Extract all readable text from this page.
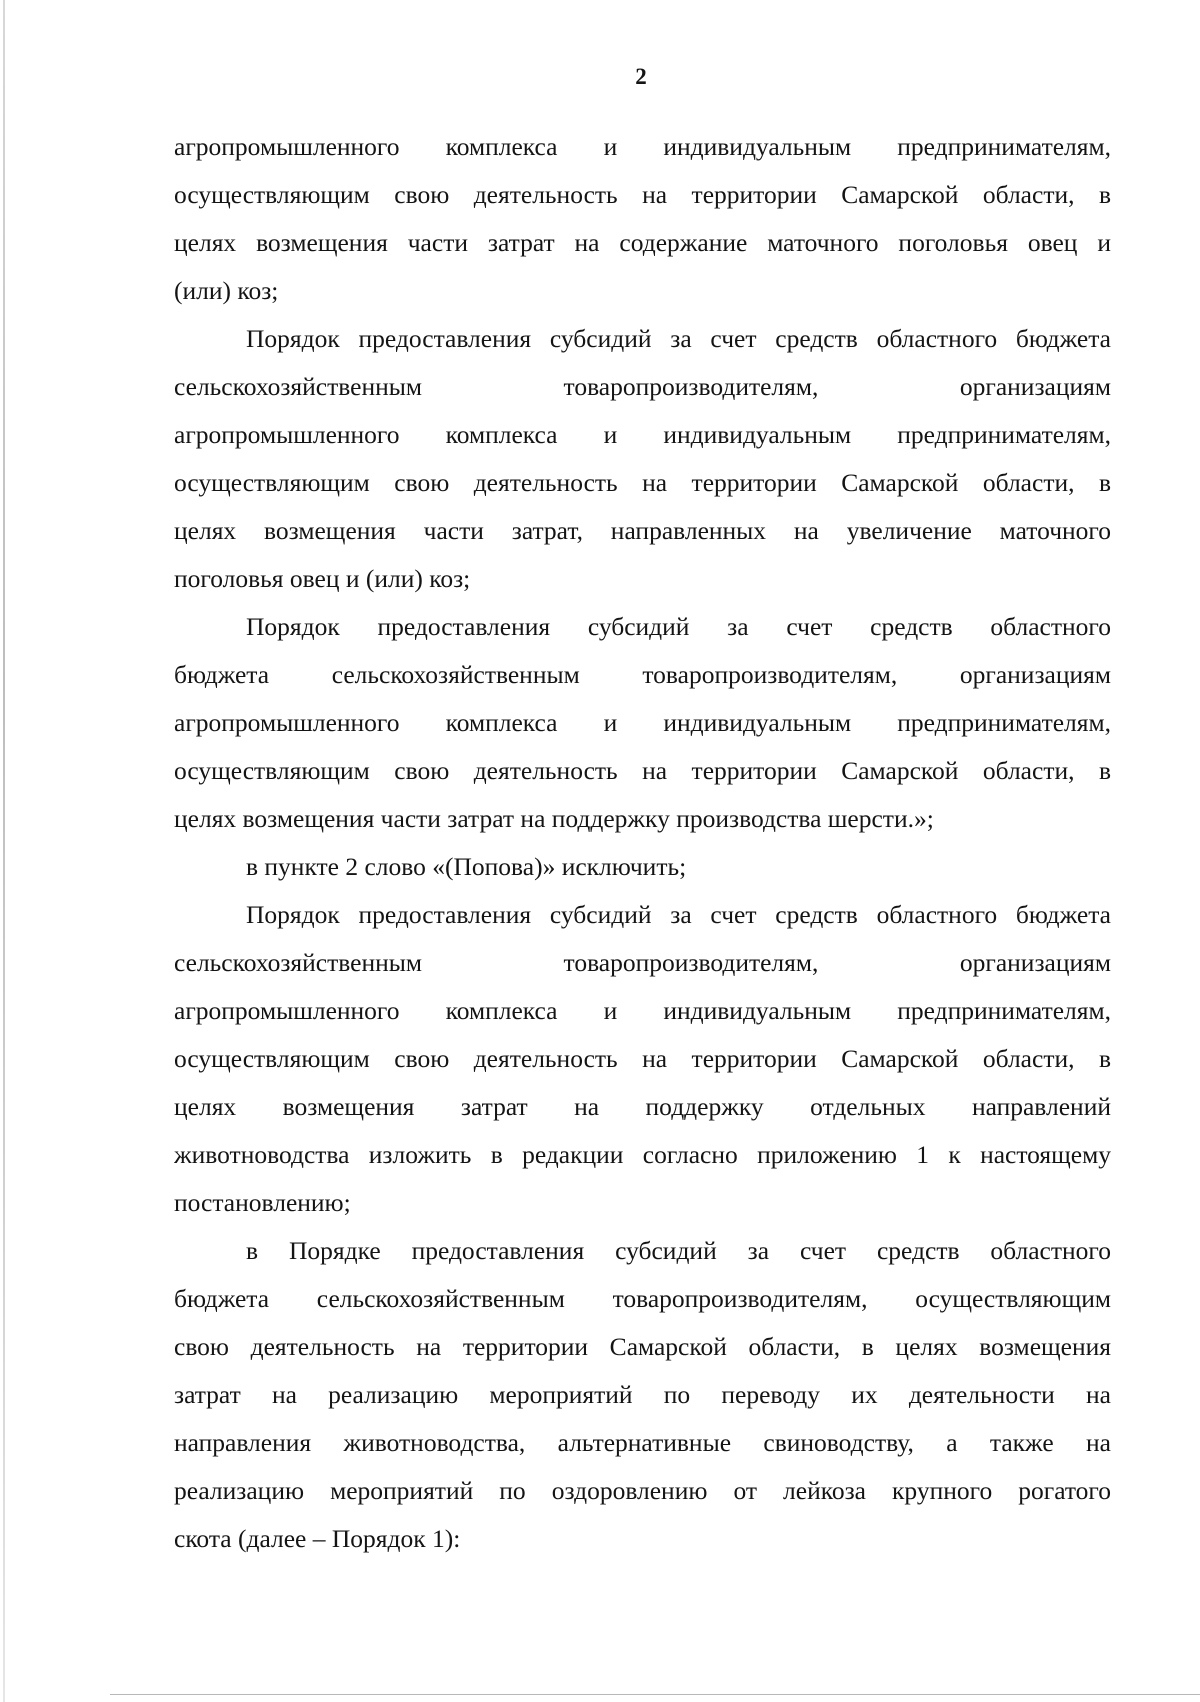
2
агропромышленного комплекса и индивидуальным предпринимателям,
осуществляющим свою деятельность на территории Самарской области, в
целях возмещения части затрат на содержание маточного поголовья овец и
(или) коз;
Порядок предоставления субсидий за счет средств областного бюджета
сельскохозяйственным товаропроизводителям, организациям
агропромышленного комплекса и индивидуальным предпринимателям,
осуществляющим свою деятельность на территории Самарской области, в
целях возмещения части затрат, направленных на увеличение маточного
поголовья овец и (или) коз;
Порядок предоставления субсидий за счет средств областного
бюджета сельскохозяйственным товаропроизводителям, организациям
агропромышленного комплекса и индивидуальным предпринимателям,
осуществляющим свою деятельность на территории Самарской области, в
целях возмещения части затрат на поддержку производства шерсти.»;
в пункте 2 слово «(Попова)» исключить;
Порядок предоставления субсидий за счет средств областного бюджета
сельскохозяйственным товаропроизводителям, организациям
агропромышленного комплекса и индивидуальным предпринимателям,
осуществляющим свою деятельность на территории Самарской области, в
целях возмещения затрат на поддержку отдельных направлений
животноводства изложить в редакции согласно приложению 1 к настоящему
постановлению;
в Порядке предоставления субсидий за счет средств областного
бюджета сельскохозяйственным товаропроизводителям, осуществляющим
свою деятельность на территории Самарской области, в целях возмещения
затрат на реализацию мероприятий по переводу их деятельности на
направления животноводства, альтернативные свиноводству, а также на
реализацию мероприятий по оздоровлению от лейкоза крупного рогатого
скота (далее – Порядок 1):
